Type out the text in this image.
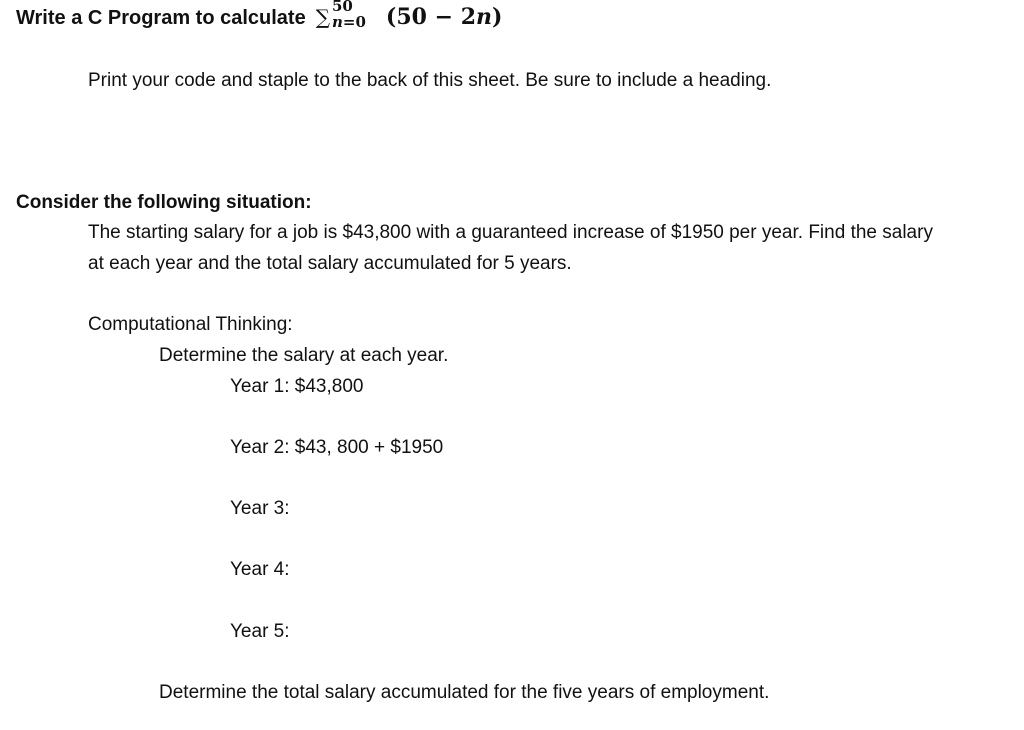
Write a C Program to calculate ∑ 50
n=0 (50 − 2n)
Print your code and staple to the back of this sheet. Be sure to include a heading.
Consider the following situation:
The starting salary for a job is $43,800 with a guaranteed increase of $1950 per year. Find the salary
at each year and the total salary accumulated for 5 years.
Computational Thinking:
Determine the salary at each year.
Year 1: $43,800
Year 2: $43, 800 + $1950
Year 3:
Year 4:
Year 5:
Determine the total salary accumulated for the five years of employment.
